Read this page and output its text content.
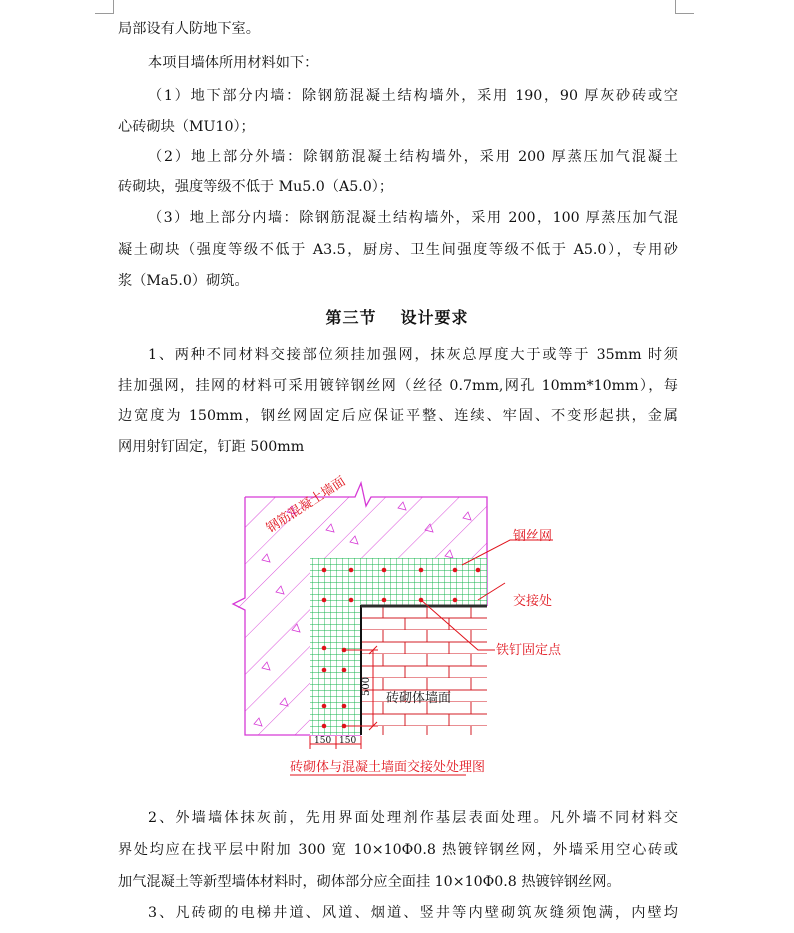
局部设有人防地下室。
本项目墙体所用材料如下：
（1）地下部分内墙：除钢筋混凝土结构墙外，采用 190，90 厚灰砂砖或空
心砖砌块（MU10）；
（2）地上部分外墙：除钢筋混凝土结构墙外，采用 200 厚蒸压加气混凝土
砖砌块，强度等级不低于 Mu5.0（A5.0）；
（3）地上部分内墙：除钢筋混凝土结构墙外，采用 200，100 厚蒸压加气混
凝土砌块（强度等级不低于 A3.5，厨房、卫生间强度等级不低于 A5.0），专用砂
浆（Ma5.0）砌筑。
第三节 设计要求
1、两种不同材料交接部位须挂加强网，抹灰总厚度大于或等于 35mm 时须
挂加强网，挂网的材料可采用镀锌钢丝网（丝径 0.7mm,网孔 10mm*10mm），每
边宽度为 150mm，钢丝网固定后应保证平整、连续、牢固、不变形起拱，金属
网用射钉固定，钉距 500mm
2、外墙墙体抹灰前，先用界面处理剂作基层表面处理。凡外墙不同材料交
界处均应在找平层中附加 300 宽 10×10Φ0.8 热镀锌钢丝网，外墙采用空心砖或
加气混凝土等新型墙体材料时，砌体部分应全面挂 10×10Φ0.8 热镀锌钢丝网。
3、凡砖砌的电梯井道、风道、烟道、竖井等内壁砌筑灰缝须饱满，内壁均
钢筋混凝土墙面
钢丝网
交接处
铁钉固定点
砖砌体墙面
500
150 150
砖砌体与混凝土墙面交接处处理图
